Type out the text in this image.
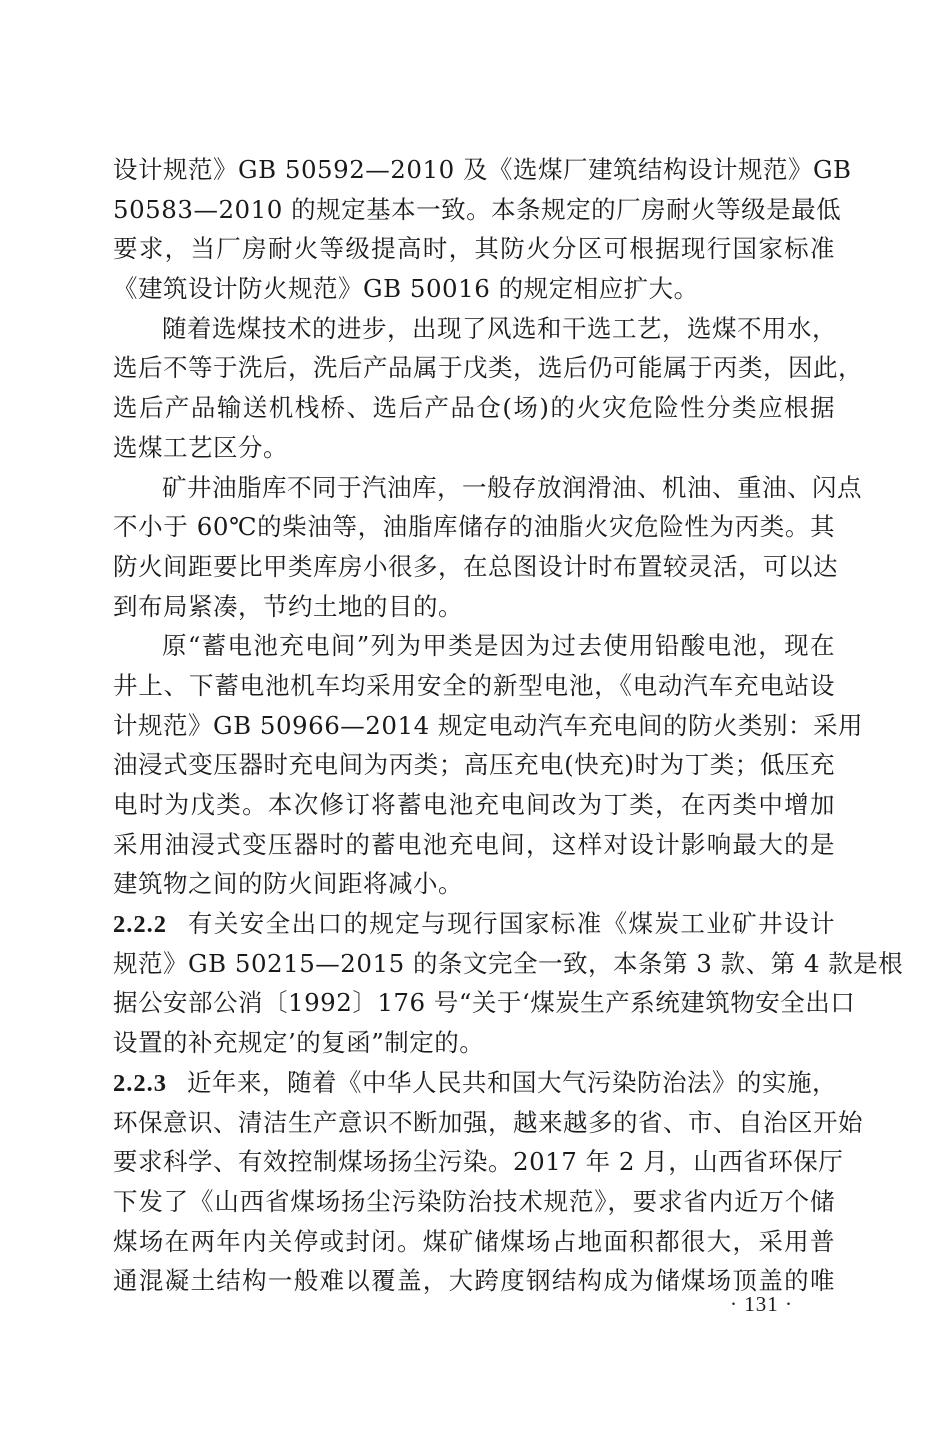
设计规范》GB 50592—2010 及《选煤厂建筑结构设计规范》GB
50583—2010 的规定基本一致。本条规定的厂房耐火等级是最低
要求，当厂房耐火等级提高时，其防火分区可根据现行国家标准
《建筑设计防火规范》GB 50016 的规定相应扩大。
随着选煤技术的进步，出现了风选和干选工艺，选煤不用水，
选后不等于洗后，洗后产品属于戊类，选后仍可能属于丙类，因此，
选后产品输送机栈桥、选后产品仓(场)的火灾危险性分类应根据
选煤工艺区分。
矿井油脂库不同于汽油库，一般存放润滑油、机油、重油、闪点
不小于 60℃的柴油等，油脂库储存的油脂火灾危险性为丙类。其
防火间距要比甲类库房小很多，在总图设计时布置较灵活，可以达
到布局紧凑，节约土地的目的。
原“蓄电池充电间”列为甲类是因为过去使用铅酸电池，现在
井上、下蓄电池机车均采用安全的新型电池，《电动汽车充电站设
计规范》GB 50966—2014 规定电动汽车充电间的防火类别：采用
油浸式变压器时充电间为丙类；高压充电(快充)时为丁类；低压充
电时为戊类。本次修订将蓄电池充电间改为丁类，在丙类中增加
采用油浸式变压器时的蓄电池充电间，这样对设计影响最大的是
建筑物之间的防火间距将减小。
2.2.2 有关安全出口的规定与现行国家标准《煤炭工业矿井设计
规范》GB 50215—2015 的条文完全一致，本条第 3 款、第 4 款是根
据公安部公消〔1992〕176 号“关于‘煤炭生产系统建筑物安全出口
设置的补充规定’的复函”制定的。
2.2.3 近年来，随着《中华人民共和国大气污染防治法》的实施，
环保意识、清洁生产意识不断加强，越来越多的省、市、自治区开始
要求科学、有效控制煤场扬尘污染。2017 年 2 月，山西省环保厅
下发了《山西省煤场扬尘污染防治技术规范》，要求省内近万个储
煤场在两年内关停或封闭。煤矿储煤场占地面积都很大，采用普
通混凝土结构一般难以覆盖，大跨度钢结构成为储煤场顶盖的唯
· 131 ·
